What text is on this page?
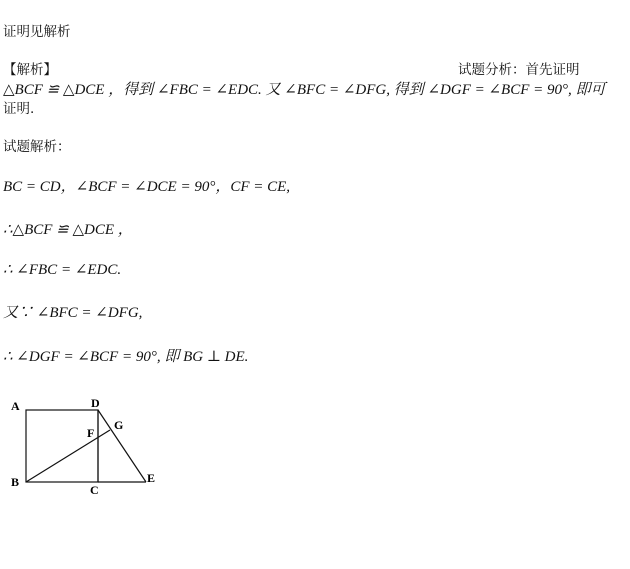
证明见解析
【解析】	试题分析：首先证明
△BCF ≌ △DCE ，得到 ∠FBC = ∠EDC. 又 ∠BFC = ∠DFG, 得到 ∠DGF = ∠BCF = 90°, 即可
证明.
试题解析：
BC = CD，∠BCF = ∠DCE = 90°，CF = CE,
∴△BCF ≌ △DCE ，
∴ ∠FBC = ∠EDC.
又∵ ∠BFC = ∠DFG,
∴ ∠DGF = ∠BCF = 90°, 即 BG ⊥ DE.
A	D
F
G
B
C
E
